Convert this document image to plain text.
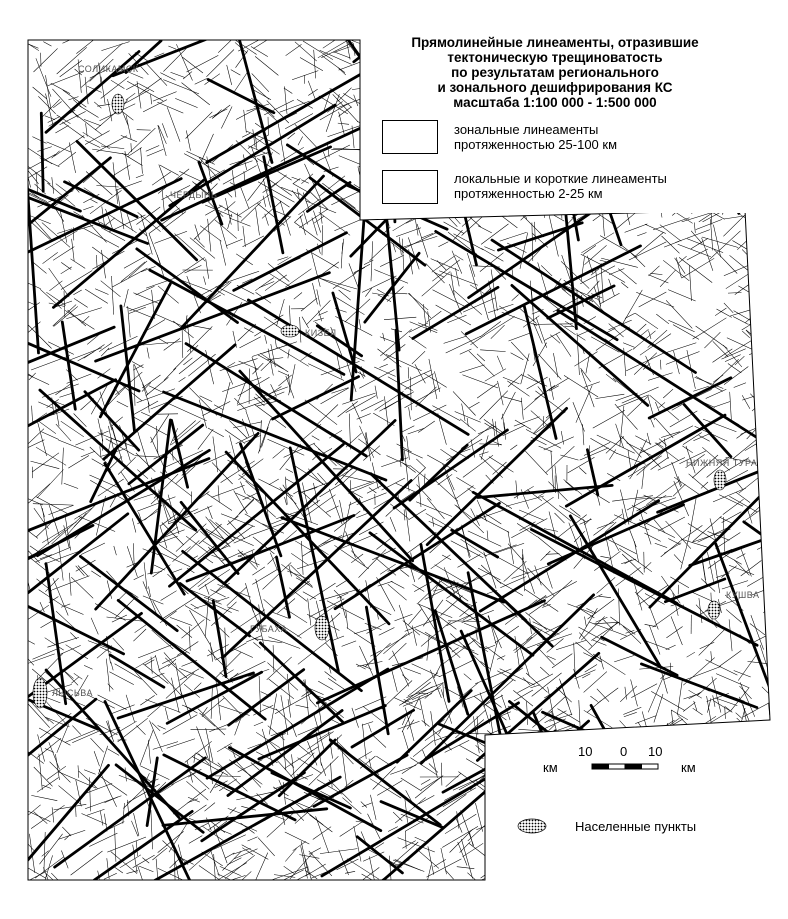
Прямолинейные линеаменты, отразившие
тектоническую трещиноватость
по результатам регионального
и зонального дешифрирования КС
масштаба 1:100 000 - 1:500 000
зональные линеаменты
протяженностью 25-100 км
локальные и короткие линеаменты
протяженностью 2-25 км
10 0 10
км	км
Населенные пункты
СОЛИКАМСК
КИЗЕЛ
ЧЕРДЫНЬ
КУШВА
ГУБАХА
ЛЫСЬВА
НИЖНЯЯ ТУРА
